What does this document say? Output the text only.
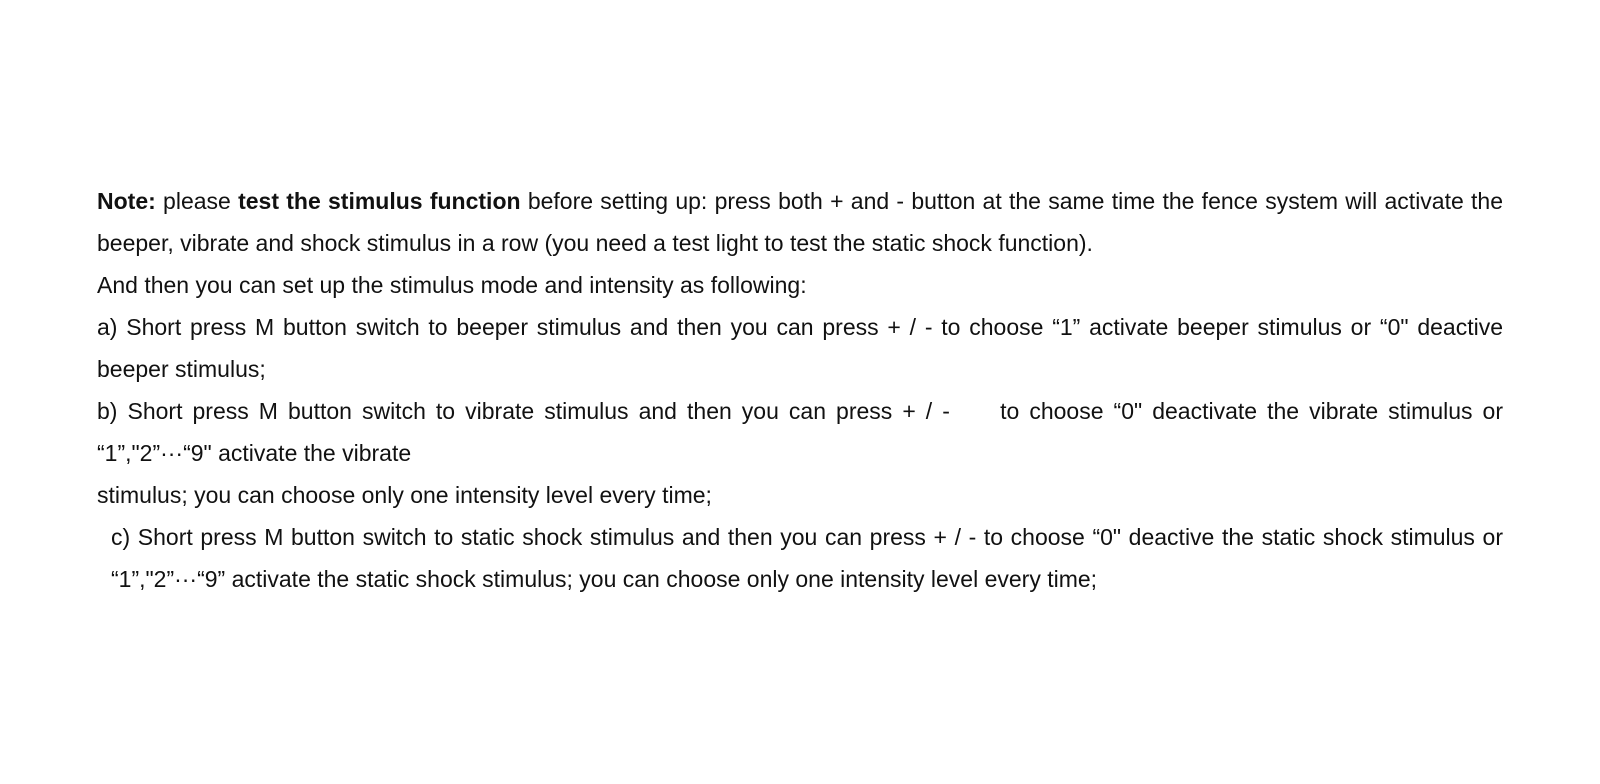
Note: please test the stimulus function before setting up: press both + and - button at the same time the fence system will activate the beeper, vibrate and shock stimulus in a row (you need a test light to test the static shock function).

And then you can set up the stimulus mode and intensity as following:

a) Short press M button switch to beeper stimulus and then you can press + / - to choose “1” activate beeper stimulus or “0" deactive beeper stimulus;

b) Short press M button switch to vibrate stimulus and then you can press + / - to choose “0" deactivate the vibrate stimulus or “1”,"2”···“9" activate the vibrate

stimulus; you can choose only one intensity level every time;

c) Short press M button switch to static shock stimulus and then you can press + / - to choose “0" deactive the static shock stimulus or “1”,"2”···“9” activate the static shock stimulus; you can choose only one intensity level every time;
